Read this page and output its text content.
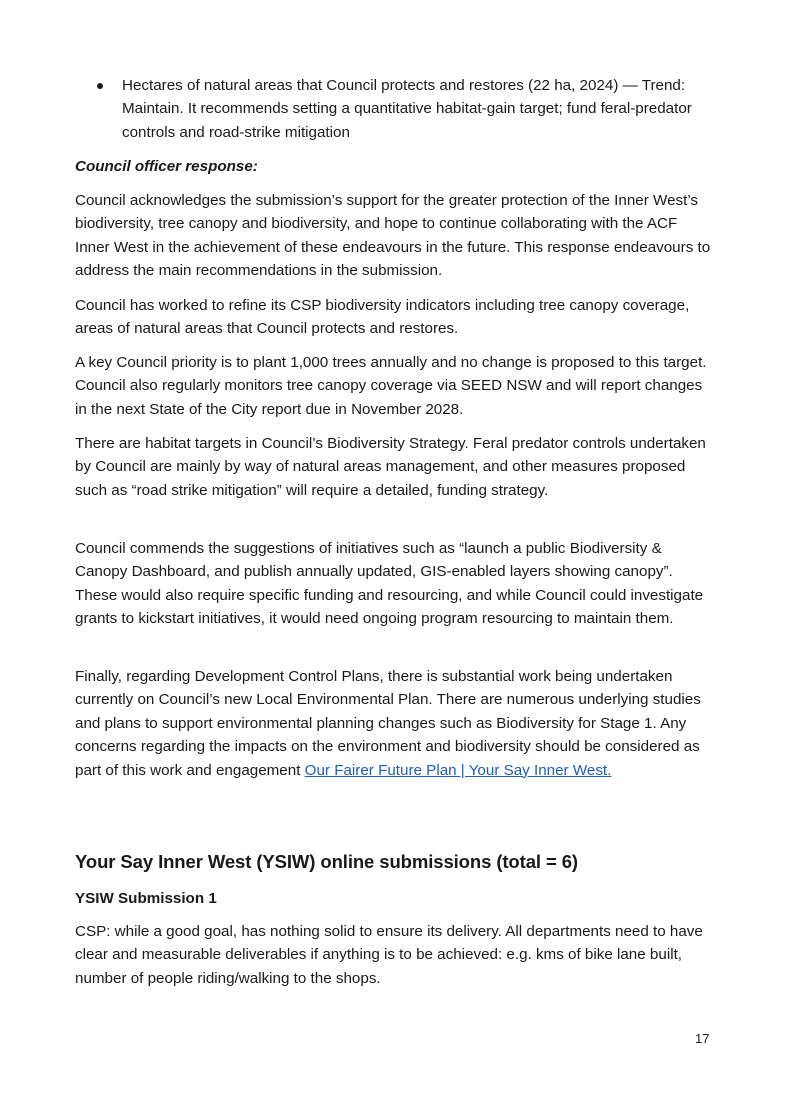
Hectares of natural areas that Council protects and restores (22 ha, 2024) — Trend: Maintain. It recommends setting a quantitative habitat-gain target; fund feral-predator controls and road-strike mitigation

Council officer response:

Council acknowledges the submission’s support for the greater protection of the Inner West’s biodiversity, tree canopy and biodiversity, and hope to continue collaborating with the ACF Inner West in the achievement of these endeavours in the future. This response endeavours to address the main recommendations in the submission.

Council has worked to refine its CSP biodiversity indicators including tree canopy coverage, areas of natural areas that Council protects and restores.

A key Council priority is to plant 1,000 trees annually and no change is proposed to this target. Council also regularly monitors tree canopy coverage via SEED NSW and will report changes in the next State of the City report due in November 2028.

There are habitat targets in Council’s Biodiversity Strategy. Feral predator controls undertaken by Council are mainly by way of natural areas management, and other measures proposed such as “road strike mitigation” will require a detailed, funding strategy.

Council commends the suggestions of initiatives such as “launch a public Biodiversity & Canopy Dashboard, and publish annually updated, GIS-enabled layers showing canopy”. These would also require specific funding and resourcing, and while Council could investigate grants to kickstart initiatives, it would need ongoing program resourcing to maintain them.

Finally, regarding Development Control Plans, there is substantial work being undertaken currently on Council’s new Local Environmental Plan. There are numerous underlying studies and plans to support environmental planning changes such as Biodiversity for Stage 1. Any concerns regarding the impacts on the environment and biodiversity should be considered as part of this work and engagement Our Fairer Future Plan | Your Say Inner West.

Your Say Inner West (YSIW) online submissions (total = 6)
YSIW Submission 1

CSP: while a good goal, has nothing solid to ensure its delivery. All departments need to have clear and measurable deliverables if anything is to be achieved: e.g. kms of bike lane built, number of people riding/walking to the shops.

17
